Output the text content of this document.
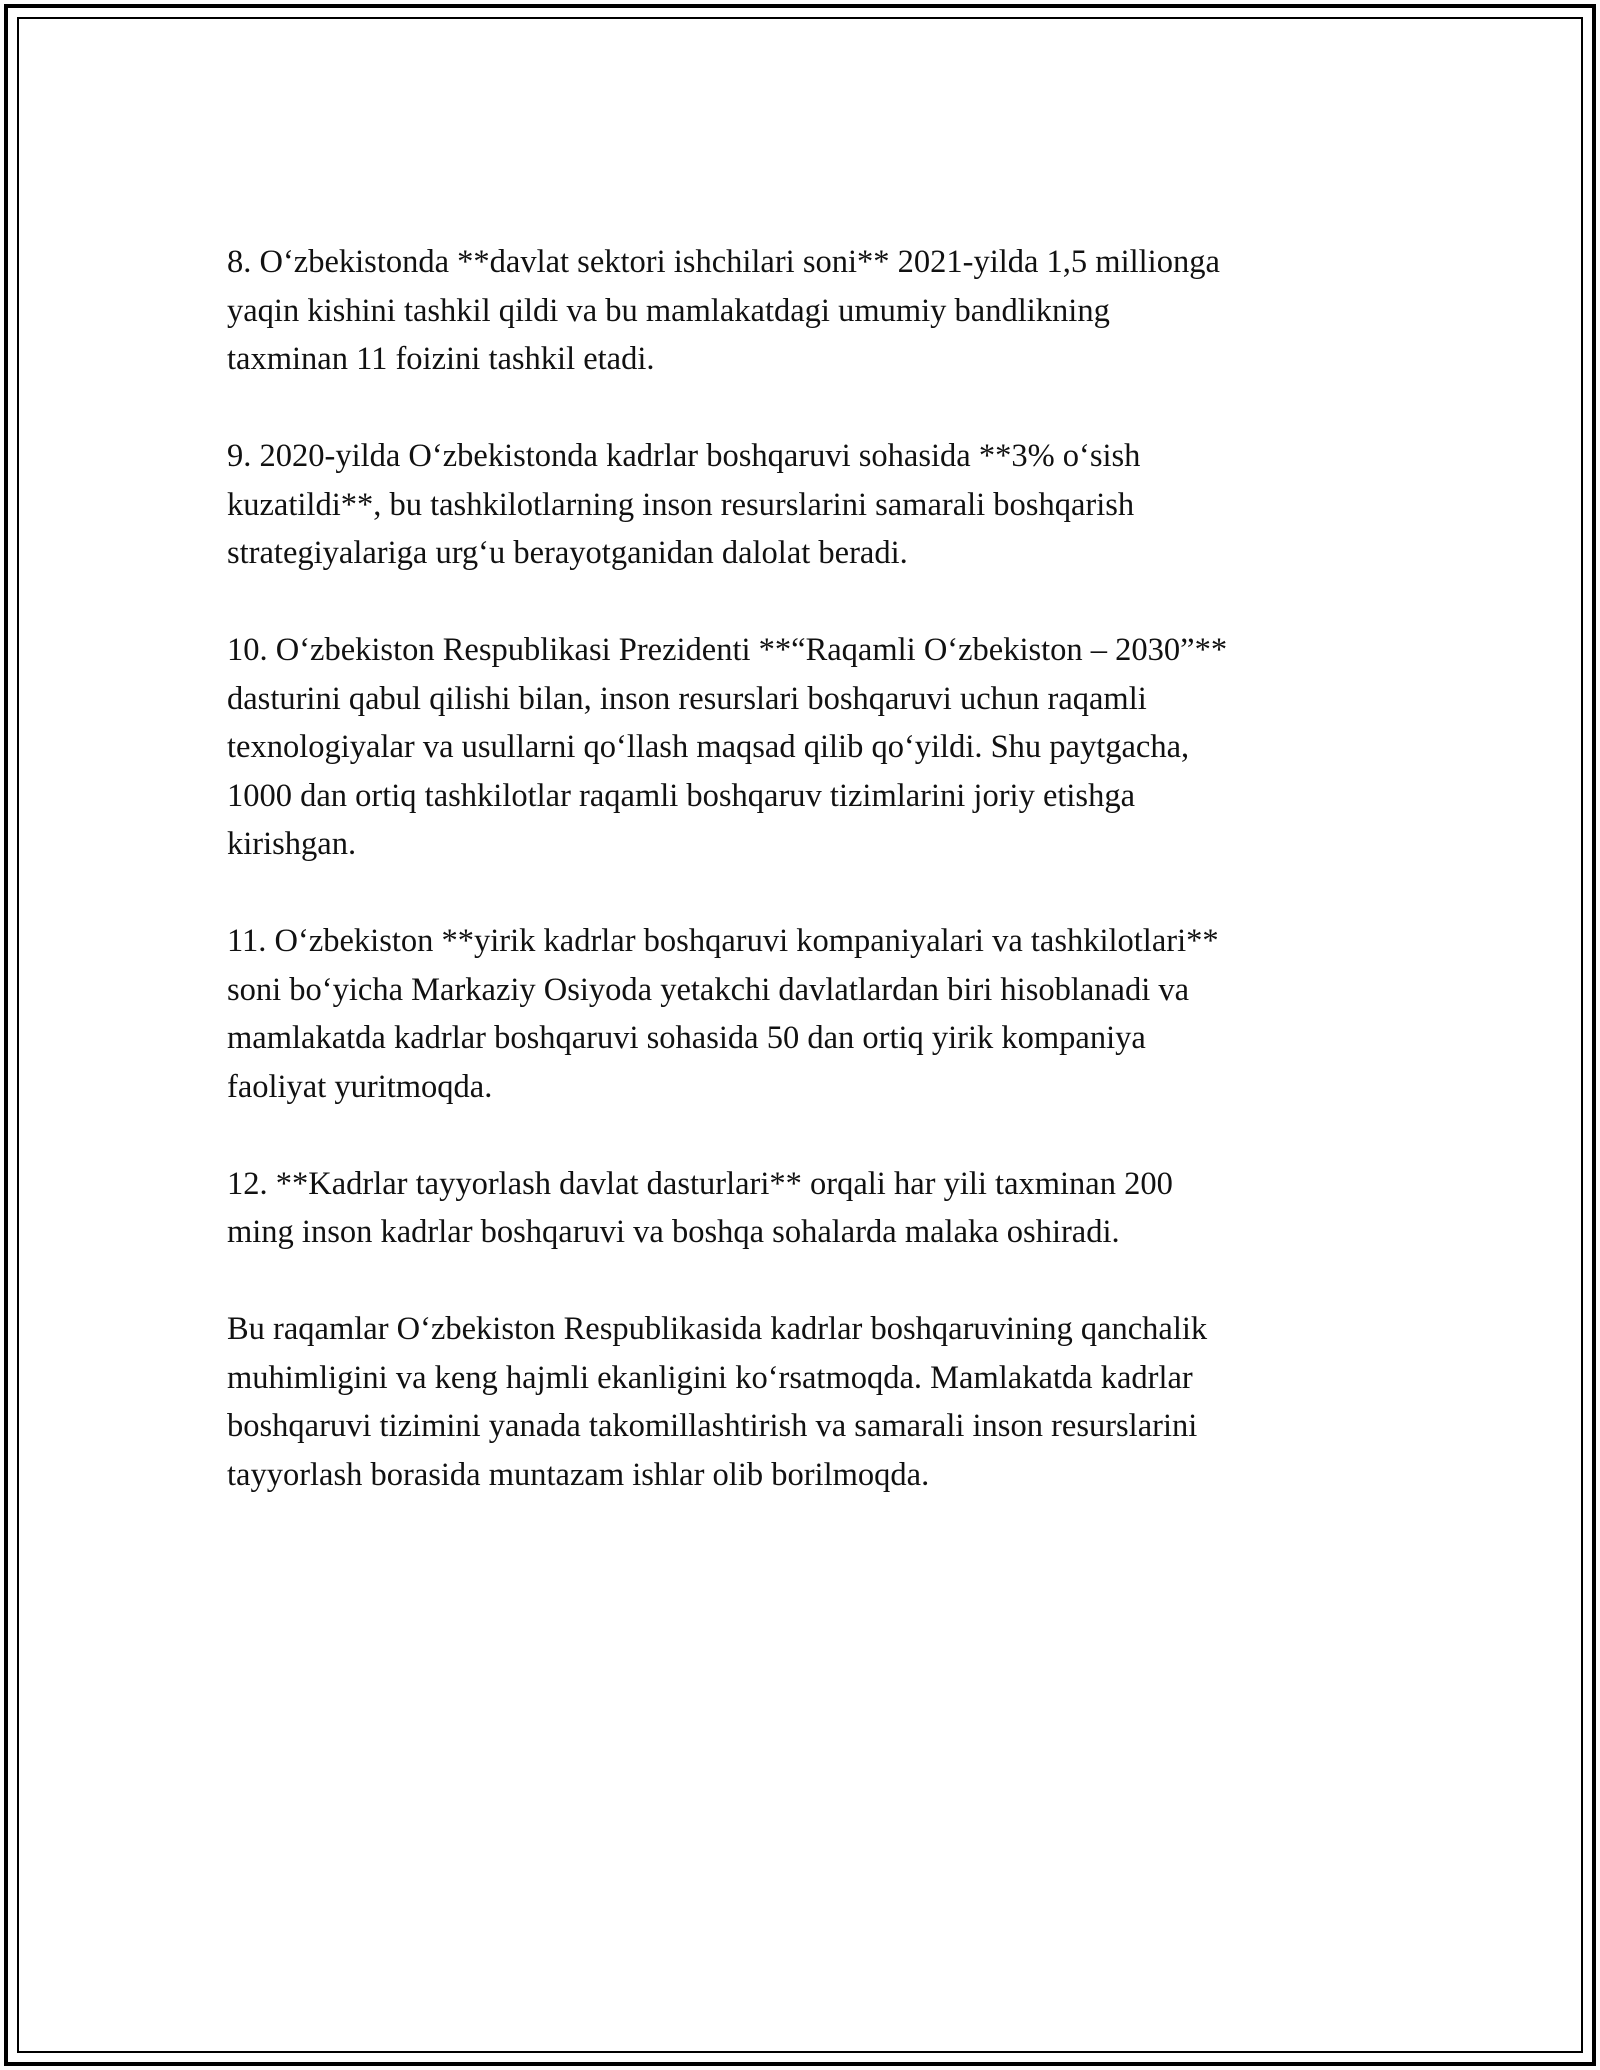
8. O‘zbekistonda **davlat sektori ishchilari soni** 2021-yilda 1,5 millionga
yaqin kishini tashkil qildi va bu mamlakatdagi umumiy bandlikning
taxminan 11 foizini tashkil etadi.

9. 2020-yilda O‘zbekistonda kadrlar boshqaruvi sohasida **3% o‘sish
kuzatildi**, bu tashkilotlarning inson resurslarini samarali boshqarish
strategiyalariga urg‘u berayotganidan dalolat beradi.

10. O‘zbekiston Respublikasi Prezidenti **“Raqamli O‘zbekiston – 2030”**
dasturini qabul qilishi bilan, inson resurslari boshqaruvi uchun raqamli
texnologiyalar va usullarni qo‘llash maqsad qilib qo‘yildi. Shu paytgacha,
1000 dan ortiq tashkilotlar raqamli boshqaruv tizimlarini joriy etishga
kirishgan.

11. O‘zbekiston **yirik kadrlar boshqaruvi kompaniyalari va tashkilotlari**
soni bo‘yicha Markaziy Osiyoda yetakchi davlatlardan biri hisoblanadi va
mamlakatda kadrlar boshqaruvi sohasida 50 dan ortiq yirik kompaniya
faoliyat yuritmoqda.

12. **Kadrlar tayyorlash davlat dasturlari** orqali har yili taxminan 200
ming inson kadrlar boshqaruvi va boshqa sohalarda malaka oshiradi.

Bu raqamlar O‘zbekiston Respublikasida kadrlar boshqaruvining qanchalik
muhimligini va keng hajmli ekanligini ko‘rsatmoqda. Mamlakatda kadrlar
boshqaruvi tizimini yanada takomillashtirish va samarali inson resurslarini
tayyorlash borasida muntazam ishlar olib borilmoqda.
